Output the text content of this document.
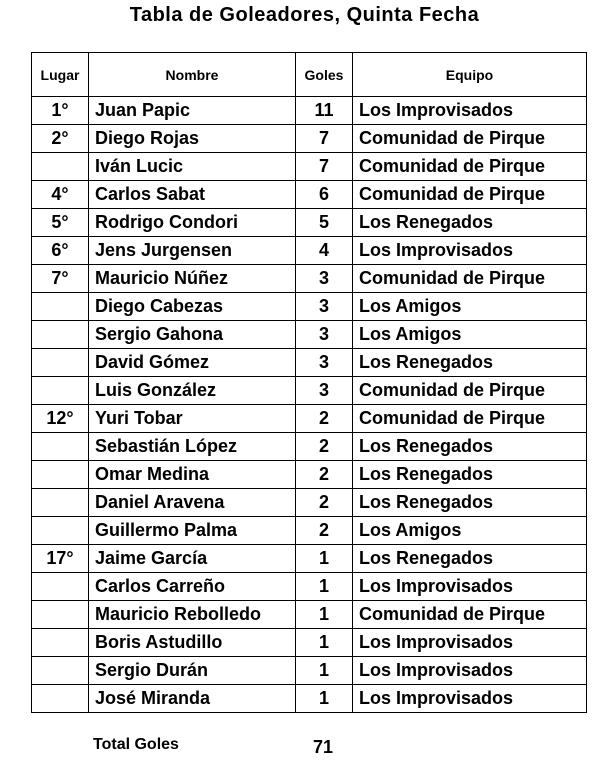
Tabla de Goleadores, Quinta Fecha
Lugar	Nombre	Goles	Equipo
1°	Juan Papic	11	Los Improvisados
2°	Diego Rojas	7	Comunidad de Pirque
	Iván Lucic	7	Comunidad de Pirque
4°	Carlos Sabat	6	Comunidad de Pirque
5°	Rodrigo Condori	5	Los Renegados
6°	Jens Jurgensen	4	Los Improvisados
7°	Mauricio Núñez	3	Comunidad de Pirque
	Diego Cabezas	3	Los Amigos
	Sergio Gahona	3	Los Amigos
	David Gómez	3	Los Renegados
	Luis González	3	Comunidad de Pirque
12°	Yuri Tobar	2	Comunidad de Pirque
	Sebastián López	2	Los Renegados
	Omar Medina	2	Los Renegados
	Daniel Aravena	2	Los Renegados
	Guillermo Palma	2	Los Amigos
17°	Jaime García	1	Los Renegados
	Carlos Carreño	1	Los Improvisados
	Mauricio Rebolledo	1	Comunidad de Pirque
	Boris Astudillo	1	Los Improvisados
	Sergio Durán	1	Los Improvisados
	José Miranda	1	Los Improvisados
Total Goles	71
